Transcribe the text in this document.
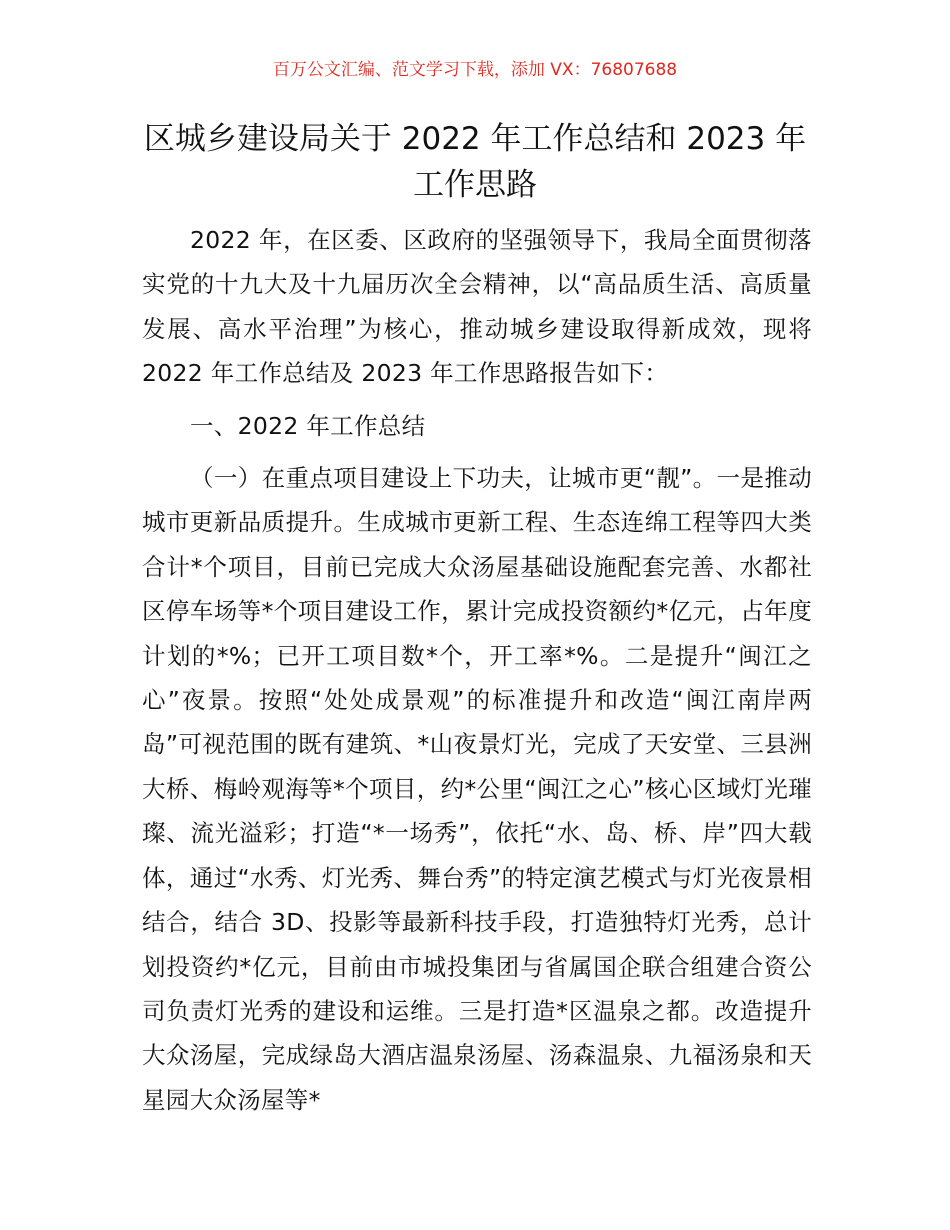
百万公文汇编、范文学习下载，添加 VX：76807688
区城乡建设局关于 2022 年工作总结和 2023 年
工作思路

2022 年，在区委、区政府的坚强领导下，我局全面贯彻落实党的十九大及十九届历次全会精神，以“高品质生活、高质量发展、高水平治理”为核心，推动城乡建设取得新成效，现将 2022 年工作总结及 2023 年工作思路报告如下：

一、2022 年工作总结

（一）在重点项目建设上下功夫，让城市更“靓”。一是推动城市更新品质提升。生成城市更新工程、生态连绵工程等四大类合计*个项目，目前已完成大众汤屋基础设施配套完善、水都社区停车场等*个项目建设工作，累计完成投资额约*亿元，占年度计划的*%；已开工项目数*个，开工率*%。二是提升“闽江之心”夜景。按照“处处成景观”的标准提升和改造“闽江南岸两岛”可视范围的既有建筑、*山夜景灯光，完成了天安堂、三县洲大桥、梅岭观海等*个项目，约*公里“闽江之心”核心区域灯光璀璨、流光溢彩；打造“*一场秀”，依托“水、岛、桥、岸”四大载体，通过“水秀、灯光秀、舞台秀”的特定演艺模式与灯光夜景相结合，结合 3D、投影等最新科技手段，打造独特灯光秀，总计划投资约*亿元，目前由市城投集团与省属国企联合组建合资公司负责灯光秀的建设和运维。三是打造*区温泉之都。改造提升大众汤屋，完成绿岛大酒店温泉汤屋、汤森温泉、九福汤泉和天星园大众汤屋等*
